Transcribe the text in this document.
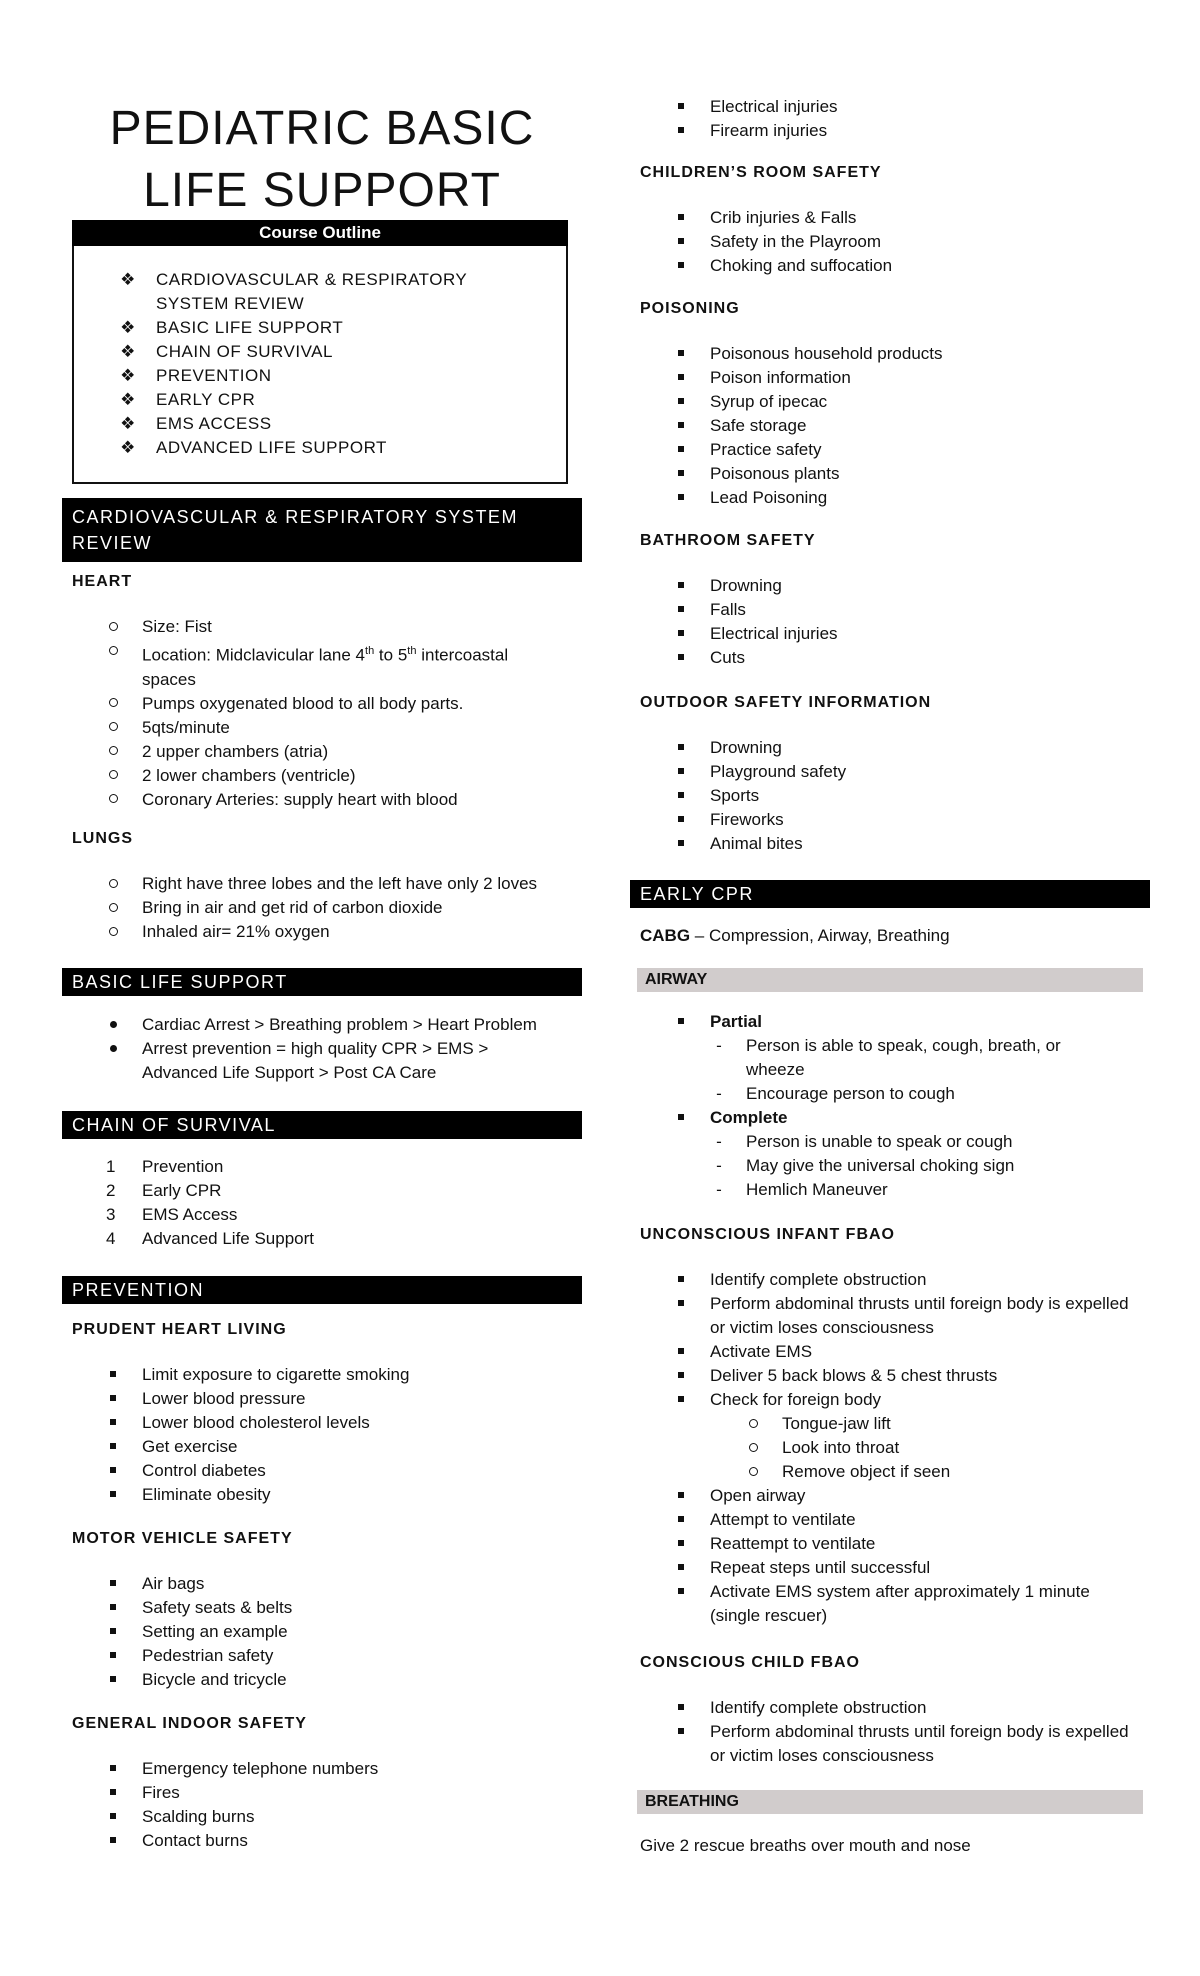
PEDIATRIC BASIC LIFE SUPPORT
Course Outline
❖ CARDIOVASCULAR & RESPIRATORY SYSTEM REVIEW
❖ BASIC LIFE SUPPORT
❖ CHAIN OF SURVIVAL
❖ PREVENTION
❖ EARLY CPR
❖ EMS ACCESS
❖ ADVANCED LIFE SUPPORT
CARDIOVASCULAR & RESPIRATORY SYSTEM REVIEW
HEART
Size: Fist
Location: Midclavicular lane 4th to 5th intercoastal
spaces
Pumps oxygenated blood to all body parts.
5qts/minute
2 upper chambers (atria)
2 lower chambers (ventricle)
Coronary Arteries: supply heart with blood
LUNGS
Right have three lobes and the left have only 2 loves
Bring in air and get rid of carbon dioxide
Inhaled air= 21% oxygen
BASIC LIFE SUPPORT
Cardiac Arrest > Breathing problem > Heart Problem
Arrest prevention = high quality CPR > EMS > Advanced Life Support > Post CA Care
CHAIN OF SURVIVAL
1	Prevention
2	Early CPR
3	EMS Access
4	Advanced Life Support
PREVENTION
PRUDENT HEART LIVING
Limit exposure to cigarette smoking
Lower blood pressure
Lower blood cholesterol levels
Get exercise
Control diabetes
Eliminate obesity
MOTOR VEHICLE SAFETY
Air bags
Safety seats & belts
Setting an example
Pedestrian safety
Bicycle and tricycle
GENERAL INDOOR SAFETY
Emergency telephone numbers
Fires
Scalding burns
Contact burns
Electrical injuries
Firearm injuries
CHILDREN’S ROOM SAFETY
Crib injuries & Falls
Safety in the Playroom
Choking and suffocation
POISONING
Poisonous household products
Poison information
Syrup of ipecac
Safe storage
Practice safety
Poisonous plants
Lead Poisoning
BATHROOM SAFETY
Drowning
Falls
Electrical injuries
Cuts
OUTDOOR SAFETY INFORMATION
Drowning
Playground safety
Sports
Fireworks
Animal bites
EARLY CPR
CABG – Compression, Airway, Breathing
AIRWAY
Partial
-	Person is able to speak, cough, breath, or wheeze
-	Encourage person to cough
Complete
-	Person is unable to speak or cough
-	May give the universal choking sign
-	Hemlich Maneuver
UNCONSCIOUS INFANT FBAO
Identify complete obstruction
Perform abdominal thrusts until foreign body is expelled or victim loses consciousness
Activate EMS
Deliver 5 back blows & 5 chest thrusts
Check for foreign body
Tongue-jaw lift
Look into throat
Remove object if seen
Open airway
Attempt to ventilate
Reattempt to ventilate
Repeat steps until successful
Activate EMS system after approximately 1 minute (single rescuer)
CONSCIOUS CHILD FBAO
Identify complete obstruction
Perform abdominal thrusts until foreign body is expelled or victim loses consciousness
BREATHING
Give 2 rescue breaths over mouth and nose
